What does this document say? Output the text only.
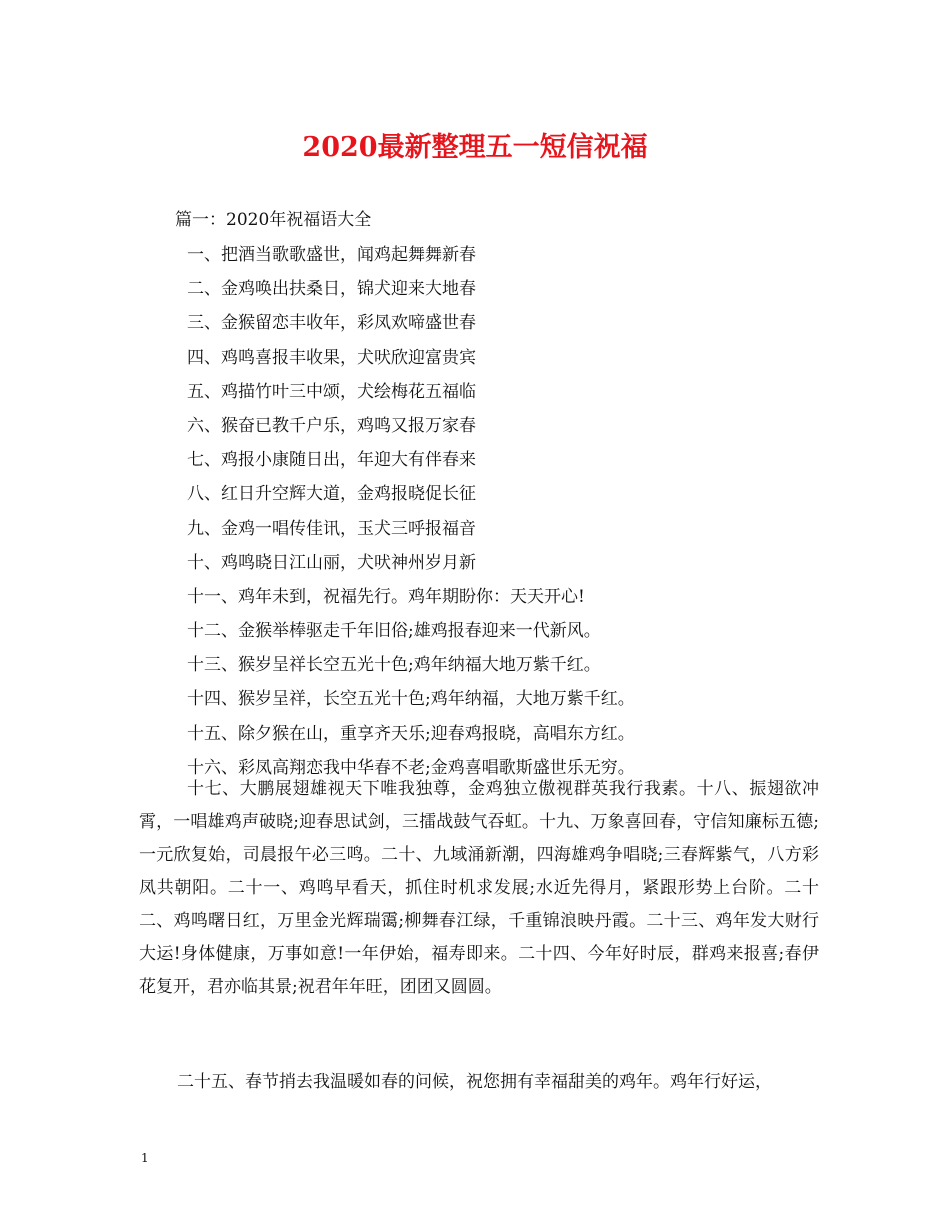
2020最新整理五一短信祝福

篇一：2020年祝福语大全

一、把酒当歌歌盛世，闻鸡起舞舞新春
二、金鸡唤出扶桑日，锦犬迎来大地春
三、金猴留恋丰收年，彩凤欢啼盛世春
四、鸡鸣喜报丰收果，犬吠欣迎富贵宾
五、鸡描竹叶三中颂，犬绘梅花五福临
六、猴奋已教千户乐，鸡鸣又报万家春
七、鸡报小康随日出，年迎大有伴春来
八、红日升空辉大道，金鸡报晓促长征
九、金鸡一唱传佳讯，玉犬三呼报福音
十、鸡鸣晓日江山丽，犬吠神州岁月新
十一、鸡年未到，祝福先行。鸡年期盼你：天天开心!
十二、金猴举棒驱走千年旧俗;雄鸡报春迎来一代新风。
十三、猴岁呈祥长空五光十色;鸡年纳福大地万紫千红。
十四、猴岁呈祥，长空五光十色;鸡年纳福，大地万紫千红。
十五、除夕猴在山，重享齐天乐;迎春鸡报晓，高唱东方红。
十六、彩凤高翔恋我中华春不老;金鸡喜唱歌斯盛世乐无穷。

十七、大鹏展翅雄视天下唯我独尊，金鸡独立傲视群英我行我素。十八、振翅欲冲霄，一唱雄鸡声破晓;迎春思试剑，三擂战鼓气吞虹。十九、万象喜回春，守信知廉标五德;一元欣复始，司晨报午必三鸣。二十、九域涌新潮，四海雄鸡争唱晓;三春辉紫气，八方彩凤共朝阳。二十一、鸡鸣早看天，抓住时机求发展;水近先得月，紧跟形势上台阶。二十二、鸡鸣曙日红，万里金光辉瑞霭;柳舞春江绿，千重锦浪映丹霞。二十三、鸡年发大财行大运!身体健康，万事如意!一年伊始，福寿即来。二十四、今年好时辰，群鸡来报喜;春伊花复开，君亦临其景;祝君年年旺，团团又圆圆。

二十五、春节捎去我温暖如春的问候，祝您拥有幸福甜美的鸡年。鸡年行好运，

1
